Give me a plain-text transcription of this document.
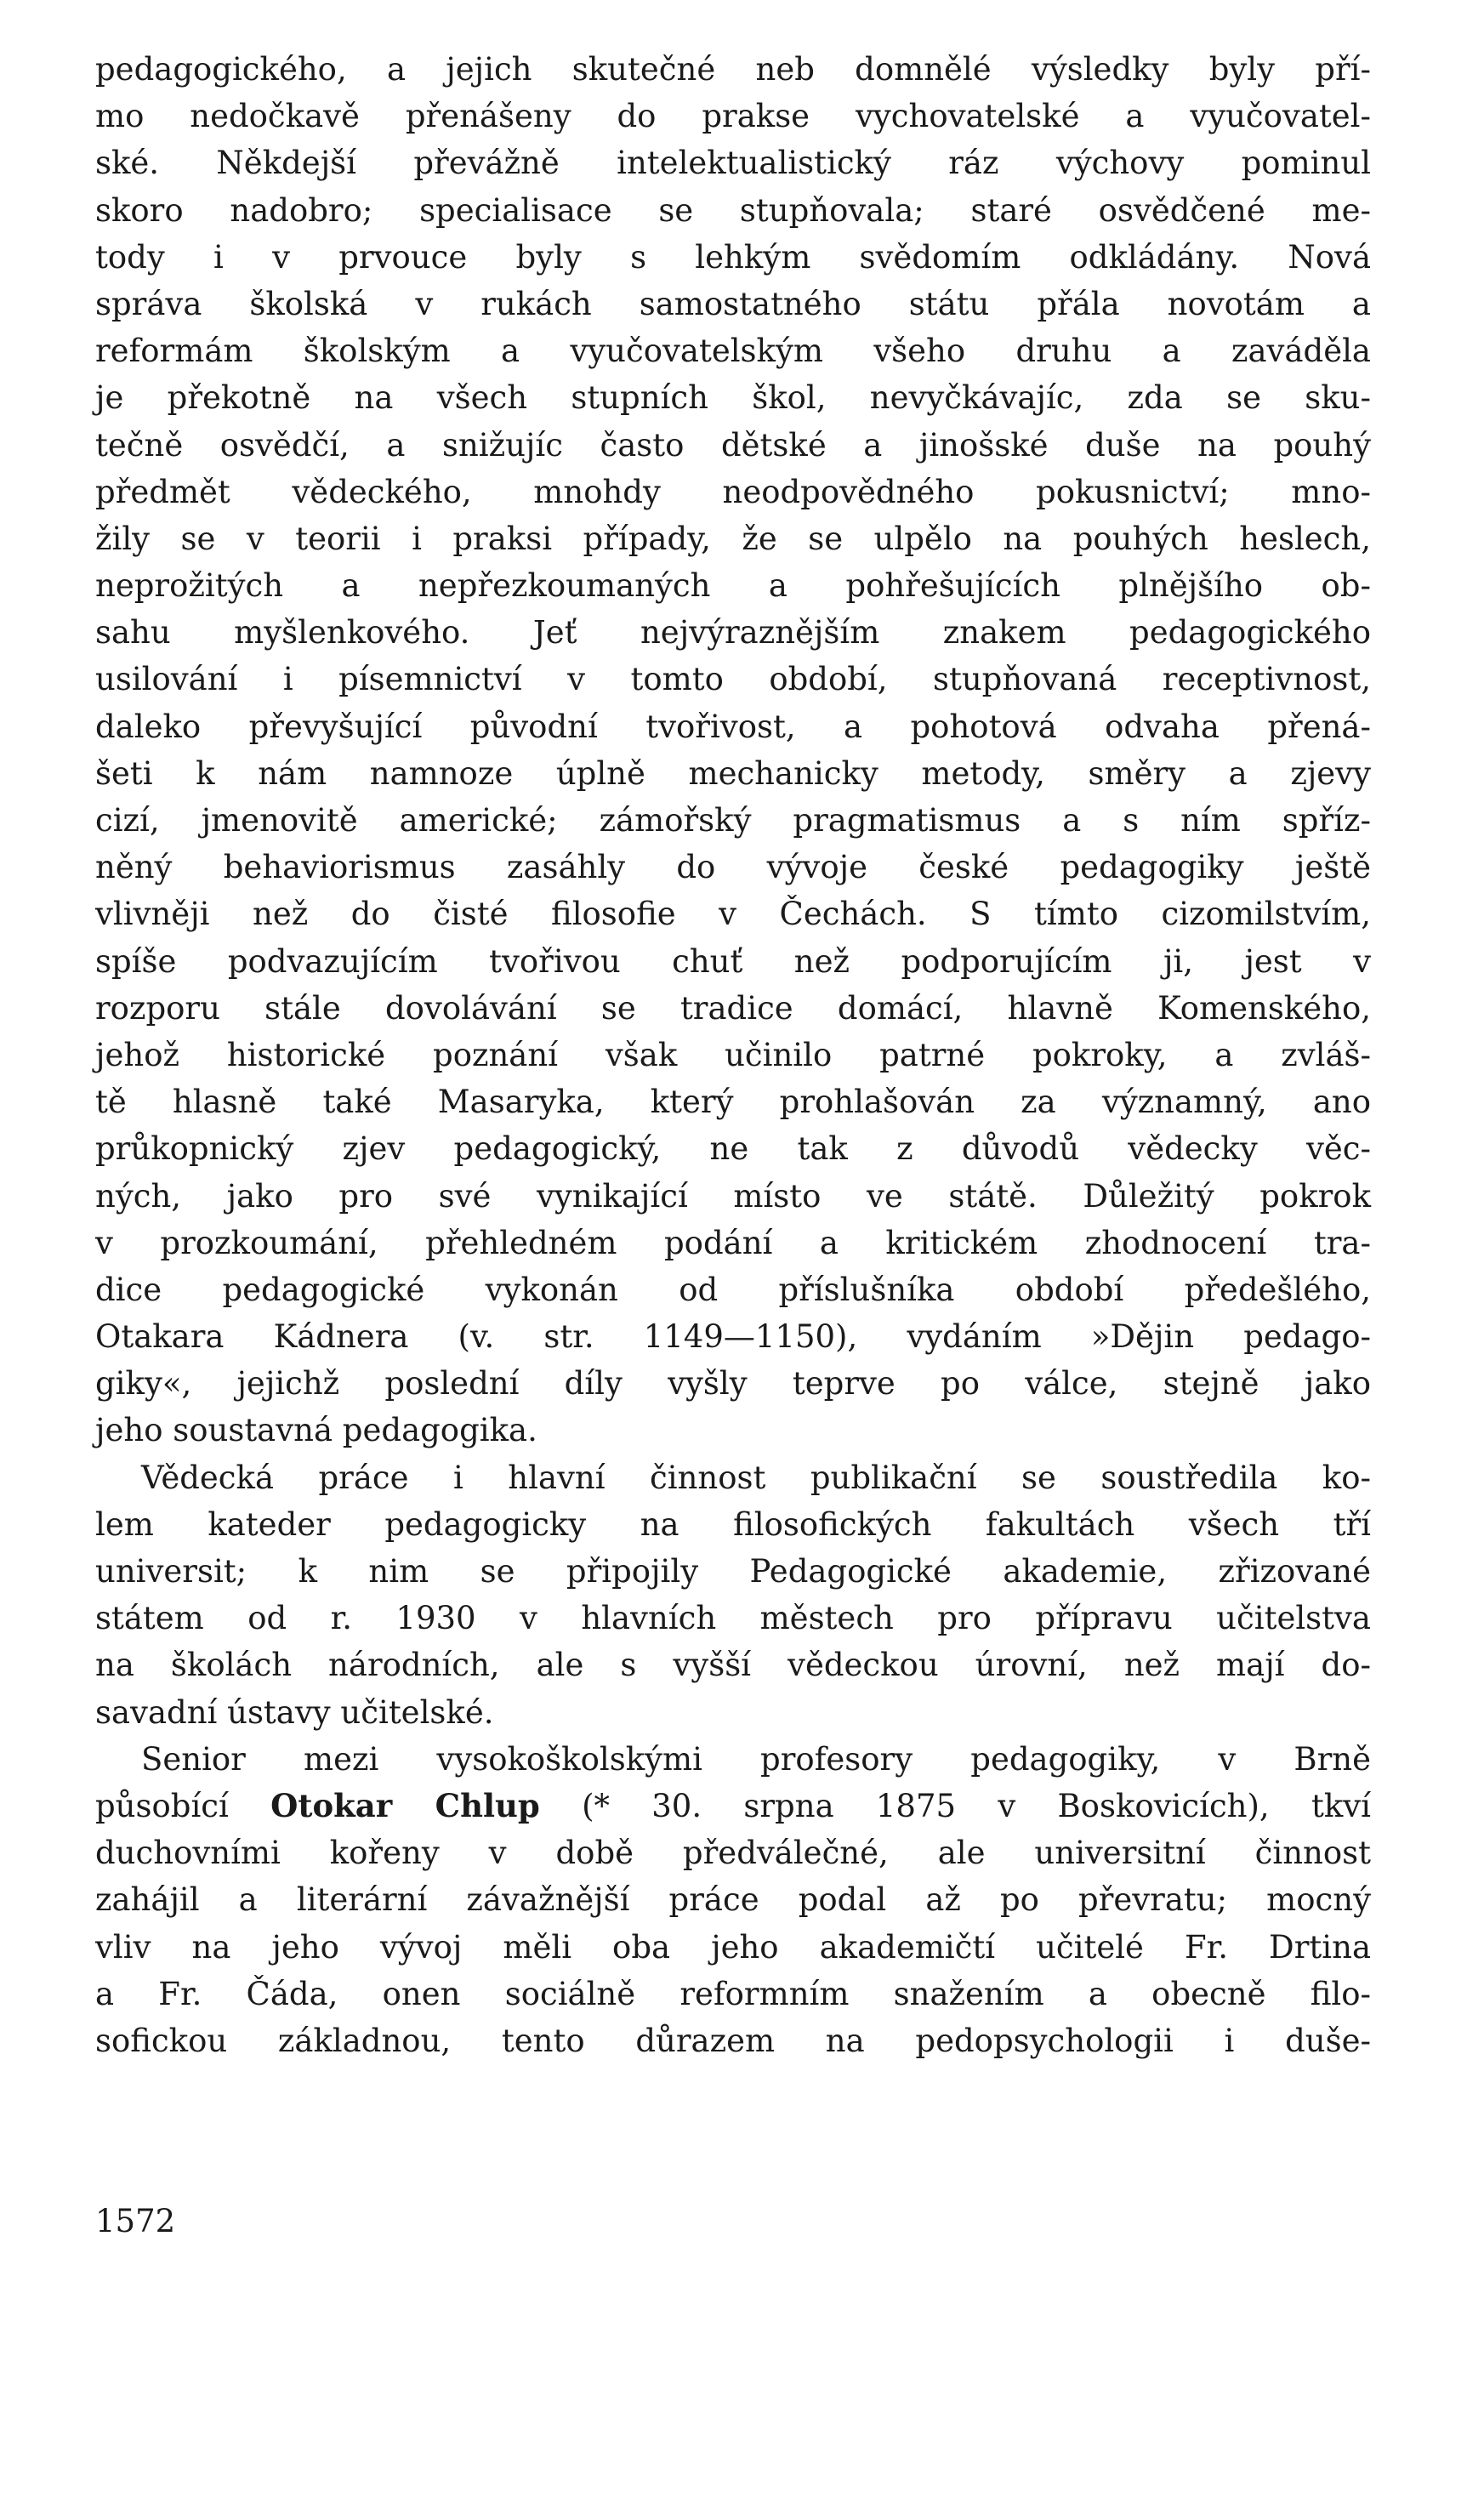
pedagogického, a jejich skutečné neb domnělé výsledky byly pří-
mo nedočkavě přenášeny do prakse vychovatelské a vyučovatel-
ské. Někdejší převážně intelektualistický ráz výchovy pominul
skoro nadobro; specialisace se stupňovala; staré osvědčené me-
tody i v prvouce byly s lehkým svědomím odkládány. Nová
správa školská v rukách samostatného státu přála novotám a
reformám školským a vyučovatelským všeho druhu a zaváděla
je překotně na všech stupních škol, nevyčkávajíc, zda se sku-
tečně osvědčí, a snižujíc často dětské a jinošské duše na pouhý
předmět vědeckého, mnohdy neodpovědného pokusnictví; mno-
žily se v teorii i praksi případy, že se ulpělo na pouhých heslech,
neprožitých a nepřezkoumaných a pohřešujících plnějšího ob-
sahu myšlenkového. Jeť nejvýraznějším znakem pedagogického
usilování i písemnictví v tomto období, stupňovaná receptivnost,
daleko převyšující původní tvořivost, a pohotová odvaha přená-
šeti k nám namnoze úplně mechanicky metody, směry a zjevy
cizí, jmenovitě americké; zámořský pragmatismus a s ním spříz-
něný behaviorismus zasáhly do vývoje české pedagogiky ještě
vlivněji než do čisté filosofie v Čechách. S tímto cizomilstvím,
spíše podvazujícím tvořivou chuť než podporujícím ji, jest v
rozporu stále dovolávání se tradice domácí, hlavně Komenského,
jehož historické poznání však učinilo patrné pokroky, a zvláš-
tě hlasně také Masaryka, který prohlašován za významný, ano
průkopnický zjev pedagogický, ne tak z důvodů vědecky věc-
ných, jako pro své vynikající místo ve státě. Důležitý pokrok
v prozkoumání, přehledném podání a kritickém zhodnocení tra-
dice pedagogické vykonán od příslušníka období předešlého,
Otakara Kádnera (v. str. 1149—1150), vydáním »Dějin pedago-
giky«, jejichž poslední díly vyšly teprve po válce, stejně jako
jeho soustavná pedagogika.
Vědecká práce i hlavní činnost publikační se soustředila ko-
lem kateder pedagogicky na filosofických fakultách všech tří
universit; k nim se připojily Pedagogické akademie, zřizované
státem od r. 1930 v hlavních městech pro přípravu učitelstva
na školách národních, ale s vyšší vědeckou úrovní, než mají do-
savadní ústavy učitelské.
Senior mezi vysokoškolskými profesory pedagogiky, v Brně
působící Otokar Chlup (* 30. srpna 1875 v Boskovicích), tkví
duchovními kořeny v době předválečné, ale universitní činnost
zahájil a literární závažnější práce podal až po převratu; mocný
vliv na jeho vývoj měli oba jeho akademičtí učitelé Fr. Drtina
a Fr. Čáda, onen sociálně reformním snažením a obecně filo-
sofickou základnou, tento důrazem na pedopsychologii i duše-
1572
